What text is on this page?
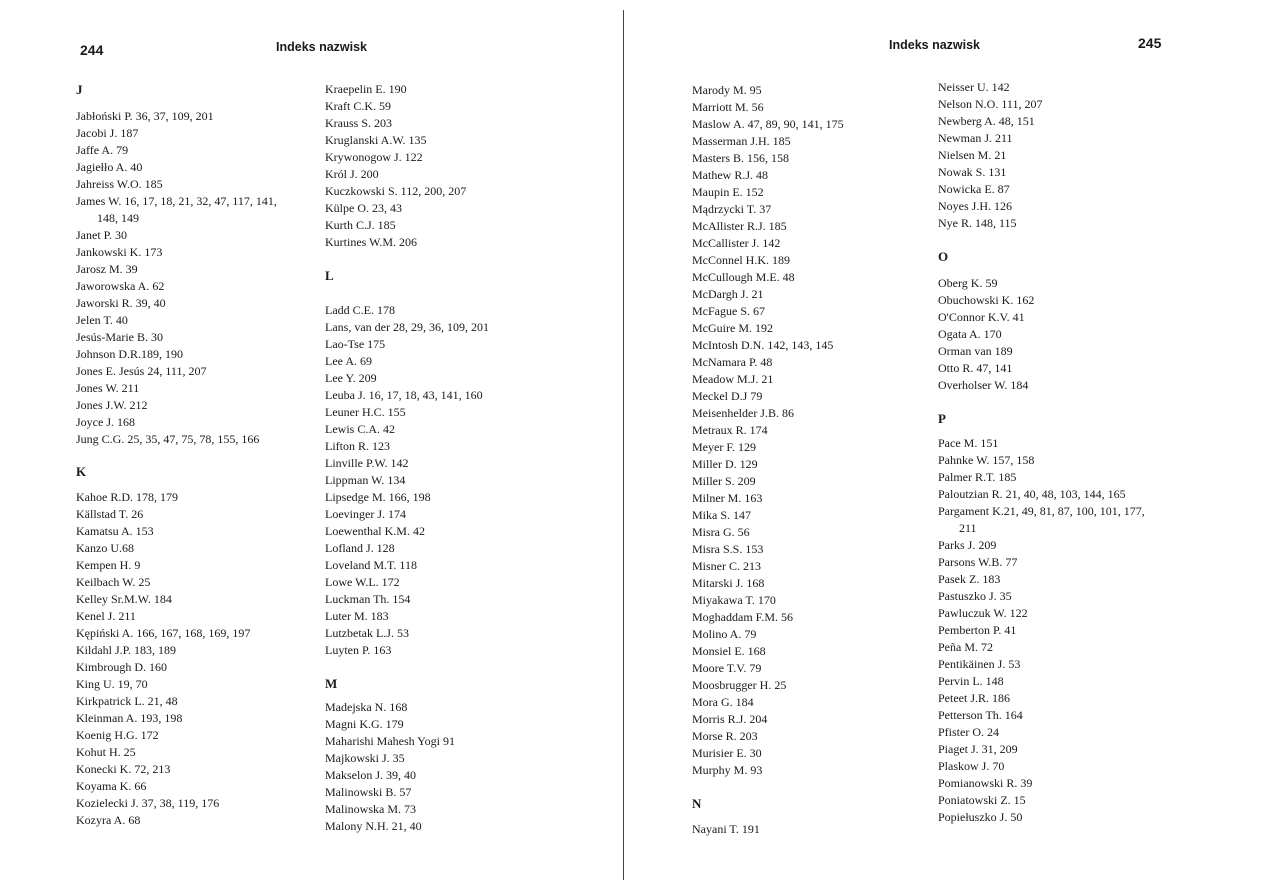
244	Indeks nazwisk
J
Jabłoński P. 36, 37, 109, 201
Jacobi J. 187
Jaffe A. 79
Jagiełło A. 40
Jahreiss W.O. 185
James W. 16, 17, 18, 21, 32, 47, 117, 141,
148, 149
Janet P. 30
Jankowski K. 173
Jarosz M. 39
Jaworowska A. 62
Jaworski R. 39, 40
Jelen T. 40
Jesús-Marie B. 30
Johnson D.R.189, 190
Jones E. Jesús 24, 111, 207
Jones W. 211
Jones J.W. 212
Joyce J. 168
Jung C.G. 25, 35, 47, 75, 78, 155, 166
K
Kahoe R.D. 178, 179
Källstad T. 26
Kamatsu A. 153
Kanzo U.68
Kempen H. 9
Keilbach W. 25
Kelley Sr.M.W. 184
Kenel J. 211
Kępiński A. 166, 167, 168, 169, 197
Kildahl J.P. 183, 189
Kimbrough D. 160
King U. 19, 70
Kirkpatrick L. 21, 48
Kleinman A. 193, 198
Koenig H.G. 172
Kohut H. 25
Konecki K. 72, 213
Koyama K. 66
Kozielecki J. 37, 38, 119, 176
Kozyra A. 68
Kraepelin E. 190
Kraft C.K. 59
Krauss S. 203
Kruglanski A.W. 135
Krywonogow J. 122
Król J. 200
Kuczkowski S. 112, 200, 207
Külpe O. 23, 43
Kurth C.J. 185
Kurtines W.M. 206
L
Ladd C.E. 178
Lans, van der 28, 29, 36, 109, 201
Lao-Tse 175
Lee A. 69
Lee Y. 209
Leuba J. 16, 17, 18, 43, 141, 160
Leuner H.C. 155
Lewis C.A. 42
Lifton R. 123
Linville P.W. 142
Lippman W. 134
Lipsedge M. 166, 198
Loevinger J. 174
Loewenthal K.M. 42
Lofland J. 128
Loveland M.T. 118
Lowe W.L. 172
Luckman Th. 154
Luter M. 183
Lutzbetak L.J. 53
Luyten P. 163
M
Madejska N. 168
Magni K.G. 179
Maharishi Mahesh Yogi 91
Majkowski J. 35
Makselon J. 39, 40
Malinowski B. 57
Malinowska M. 73
Malony N.H. 21, 40
Indeks nazwisk	245
Marody M. 95
Marriott M. 56
Maslow A. 47, 89, 90, 141, 175
Masserman J.H. 185
Masters B. 156, 158
Mathew R.J. 48
Maupin E. 152
Mądrzycki T. 37
McAllister R.J. 185
McCallister J. 142
McConnel H.K. 189
McCullough M.E. 48
McDargh J. 21
McFague S. 67
McGuire M. 192
McIntosh D.N. 142, 143, 145
McNamara P. 48
Meadow M.J. 21
Meckel D.J 79
Meisenhelder J.B. 86
Metraux R. 174
Meyer F. 129
Miller D. 129
Miller S. 209
Milner M. 163
Mika S. 147
Misra G. 56
Misra S.S. 153
Misner C. 213
Mitarski J. 168
Miyakawa T. 170
Moghaddam F.M. 56
Molino A. 79
Monsiel E. 168
Moore T.V. 79
Moosbrugger H. 25
Mora G. 184
Morris R.J. 204
Morse R. 203
Murisier E. 30
Murphy M. 93
N
Nayani T. 191
Neisser U. 142
Nelson N.O. 111, 207
Newberg A. 48, 151
Newman J. 211
Nielsen M. 21
Nowak S. 131
Nowicka E. 87
Noyes J.H. 126
Nye R. 148, 115
O
Oberg K. 59
Obuchowski K. 162
O'Connor K.V. 41
Ogata A. 170
Orman van 189
Otto R. 47, 141
Overholser W. 184
P
Pace M. 151
Pahnke W. 157, 158
Palmer R.T. 185
Paloutzian R. 21, 40, 48, 103, 144, 165
Pargament K.21, 49, 81, 87, 100, 101, 177,
211
Parks J. 209
Parsons W.B. 77
Pasek Z. 183
Pastuszko J. 35
Pawluczuk W. 122
Pemberton P. 41
Peña M. 72
Pentikäinen J. 53
Pervin L. 148
Peteet J.R. 186
Petterson Th. 164
Pfister O. 24
Piaget J. 31, 209
Plaskow J. 70
Pomianowski R. 39
Poniatowski Z. 15
Popiełuszko J. 50
